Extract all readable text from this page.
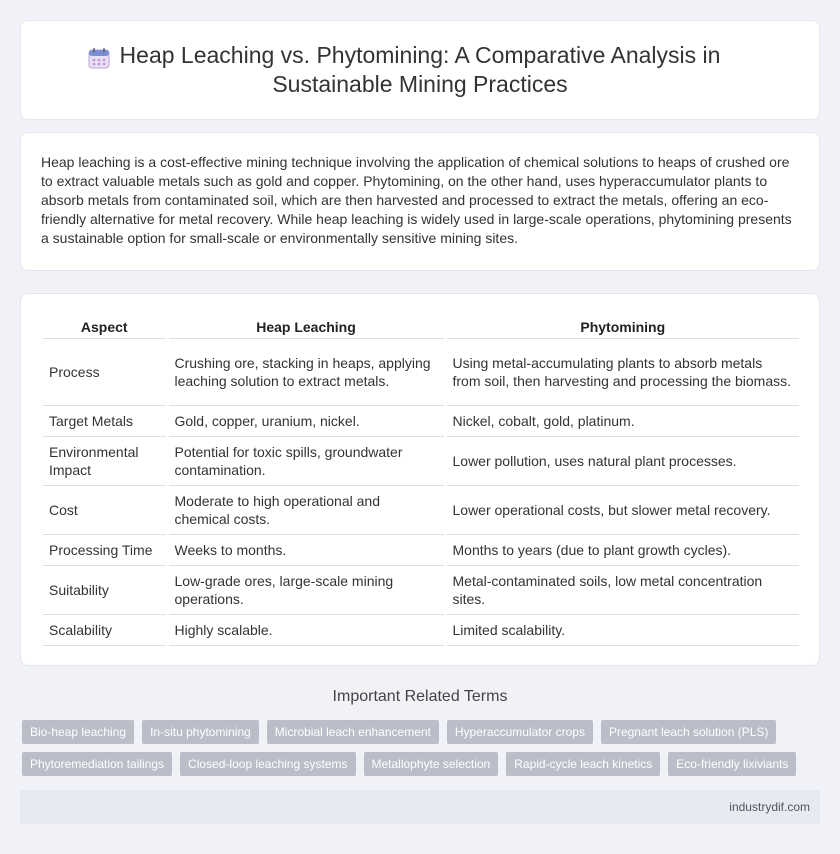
Heap Leaching vs. Phytomining: A Comparative Analysis in Sustainable Mining Practices

Heap leaching is a cost-effective mining technique involving the application of chemical solutions to heaps of crushed ore to extract valuable metals such as gold and copper. Phytomining, on the other hand, uses hyperaccumulator plants to absorb metals from contaminated soil, which are then harvested and processed to extract the metals, offering an eco-friendly alternative for metal recovery. While heap leaching is widely used in large-scale operations, phytomining presents a sustainable option for small-scale or environmentally sensitive mining sites.

Aspect	Heap Leaching	Phytomining
Process	Crushing ore, stacking in heaps, applying leaching solution to extract metals.	Using metal-accumulating plants to absorb metals from soil, then harvesting and processing the biomass.
Target Metals	Gold, copper, uranium, nickel.	Nickel, cobalt, gold, platinum.
Environmental Impact	Potential for toxic spills, groundwater contamination.	Lower pollution, uses natural plant processes.
Cost	Moderate to high operational and chemical costs.	Lower operational costs, but slower metal recovery.
Processing Time	Weeks to months.	Months to years (due to plant growth cycles).
Suitability	Low-grade ores, large-scale mining operations.	Metal-contaminated soils, low metal concentration sites.
Scalability	Highly scalable.	Limited scalability.
Important Related Terms
Bio-heap leaching	In-situ phytomining	Microbial leach enhancement	Hyperaccumulator crops	Pregnant leach solution (PLS)
Phytoremediation tailings	Closed-loop leaching systems	Metallophyte selection	Rapid-cycle leach kinetics	Eco-friendly lixiviants
industrydif.com
